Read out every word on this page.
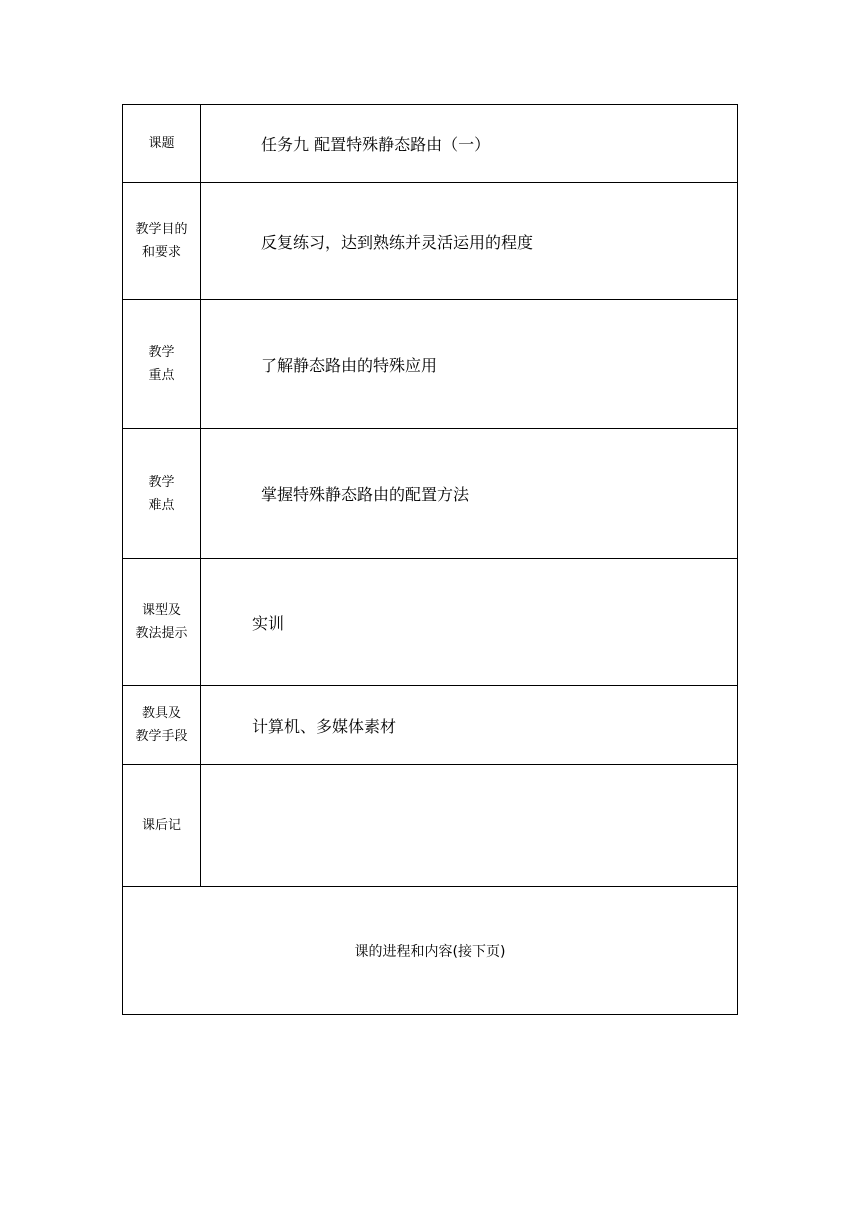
课题	任务九 配置特殊静态路由（一）

教学目的
和要求	反复练习，达到熟练并灵活运用的程度

教学
重点	了解静态路由的特殊应用

教学
难点	掌握特殊静态路由的配置方法

课型及
教法提示	实训

教具及
教学手段	计算机、多媒体素材

课后记	

课的进程和内容(接下页)	
